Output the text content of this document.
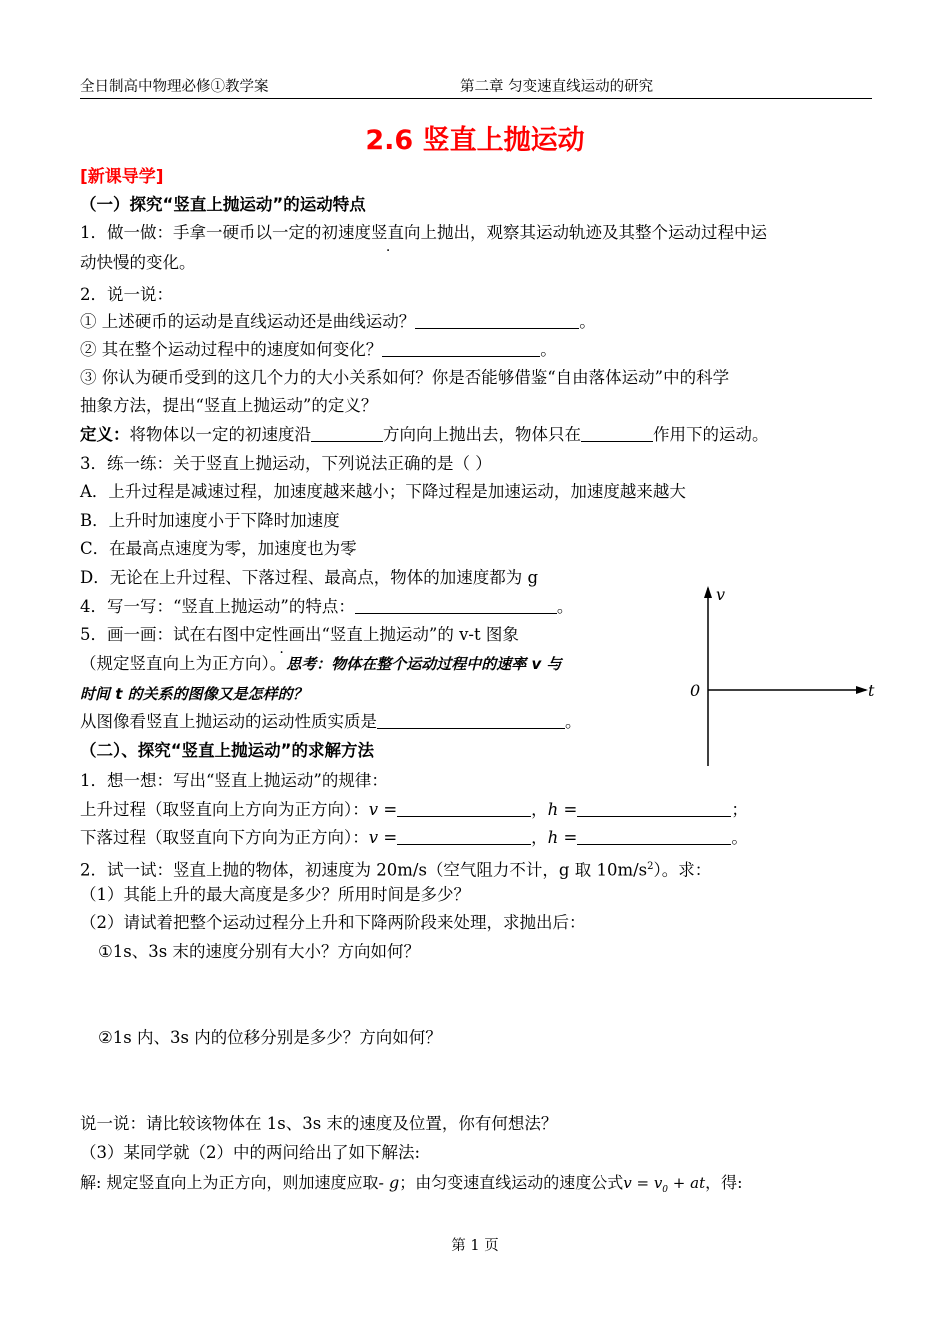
全日制高中物理必修①教学案	第二章 匀变速直线运动的研究
2.6 竖直上抛运动
[新课导学]
（一）探究“竖直上抛运动”的运动特点
1．做一做：手拿一硬币以一定的初速度竖直向上抛出，观察其运动轨迹及其整个运动过程中运
动快慢的变化。
2．说一说：
① 上述硬币的运动是直线运动还是曲线运动？	。
② 其在整个运动过程中的速度如何变化？	。
③ 你认为硬币受到的这几个力的大小关系如何？你是否能够借鉴“自由落体运动”中的科学
抽象方法，提出“竖直上抛运动”的定义？
定义：将物体以一定的初速度沿	方向向上抛出去，物体只在	作用下的运动。
3．练一练：关于竖直上抛运动，下列说法正确的是（ ）
A．上升过程是减速过程，加速度越来越小；下降过程是加速运动，加速度越来越大
B．上升时加速度小于下降时加速度
C．在最高点速度为零，加速度也为零
D．无论在上升过程、下落过程、最高点，物体的加速度都为 g
4．写一写：“竖直上抛运动”的特点：	。
5．画一画：试在右图中定性画出“竖直上抛运动”的 v-t 图象
（规定竖直向上为正方向）。思考：物体在整个运动过程中的速率 v 与
时间 t 的关系的图像又是怎样的？
从图像看竖直上抛运动的运动性质实质是	。
v
0	t
（二）、探究“竖直上抛运动”的求解方法
1．想一想：写出“竖直上抛运动”的规律：
上升过程（取竖直向上方向为正方向）：v =	，h =	；
下落过程（取竖直向下方向为正方向）：v =	，h =	。
2．试一试：竖直上抛的物体，初速度为 20m/s（空气阻力不计，g 取 $10m/s^2$）。求：
（1）其能上升的最大高度是多少？所用时间是多少？
（2）请试着把整个运动过程分上升和下降两阶段来处理，求抛出后：
①1s、3s 末的速度分别有大小？方向如何？
②1s 内、3s 内的位移分别是多少？方向如何？
说一说：请比较该物体在 1s、3s 末的速度及位置，你有何想法？
（3）某同学就（2）中的两问给出了如下解法:
解: 规定竖直向上为正方向，则加速度应取- g；由匀变速直线运动的速度公式$v = v_0$ + at，得:
第 1 页
